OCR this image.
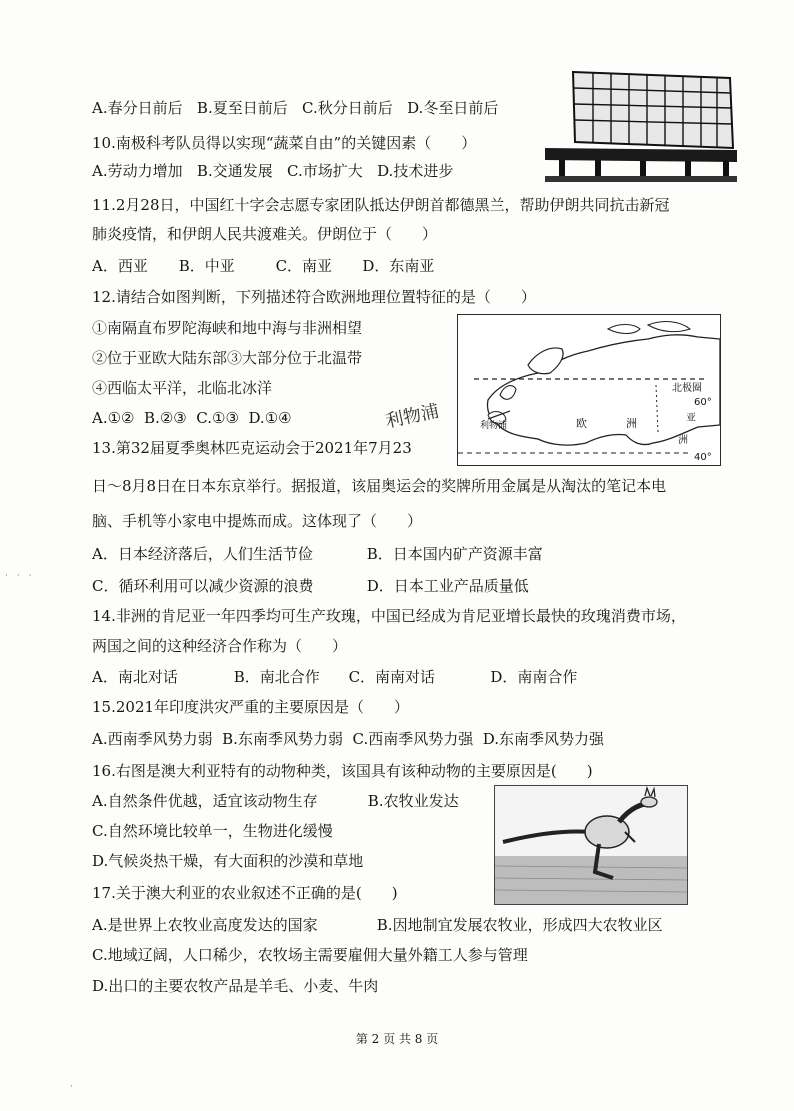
A.春分日前后 B.夏至日前后 C.秋分日前后 D.冬至日前后
10.南极科考队员得以实现“蔬菜自由”的关键因素（　　）
A.劳动力增加 B.交通发展 C.市场扩大 D.技术进步
11.2月28日，中国红十字会志愿专家团队抵达伊朗首都德黑兰，帮助伊朗共同抗击新冠
肺炎疫情，和伊朗人民共渡难关。伊朗位于（　　）
A．西亚 B．中亚	C．南亚 D．东南亚
12.请结合如图判断，下列描述符合欧洲地理位置特征的是（　　）
①南隔直布罗陀海峡和地中海与非洲相望
②位于亚欧大陆东部③大部分位于北温带
④西临太平洋，北临北冰洋
A.①② B.②③ C.①③ D.①④	利物浦
北极圈
60°
40°
欧	洲	亚
洲
利物浦
13.第32届夏季奥林匹克运动会于2021年7月23
日～8月8日在日本东京举行。据报道，该届奥运会的奖牌所用金属是从淘汰的笔记本电
脑、手机等小家电中提炼而成。这体现了（　　）
A．日本经济落后，人们生活节俭	B．日本国内矿产资源丰富
C．循环利用可以减少资源的浪费	D．日本工业产品质量低
14.非洲的肯尼亚一年四季均可生产玫瑰，中国已经成为肯尼亚增长最快的玫瑰消费市场，
两国之间的这种经济合作称为（　　）
A．南北对话	B．南北合作 C．南南对话	D．南南合作
15.2021年印度洪灾严重的主要原因是（　　）
A.西南季风势力弱 B.东南季风势力弱 C.西南季风势力强 D.东南季风势力强
16.右图是澳大利亚特有的动物种类，该国具有该种动物的主要原因是(　　)
A.自然条件优越，适宜该动物生存	B.农牧业发达
C.自然环境比较单一，生物进化缓慢
D.气候炎热干燥，有大面积的沙漠和草地
17.关于澳大利亚的农业叙述不正确的是(　　)
A.是世界上农牧业高度发达的国家	B.因地制宜发展农牧业，形成四大农牧业区
C.地域辽阔，人口稀少，农牧场主需要雇佣大量外籍工人参与管理
D.出口的主要农牧产品是羊毛、小麦、牛肉
第 2 页 共 8 页
·　·　·
·
